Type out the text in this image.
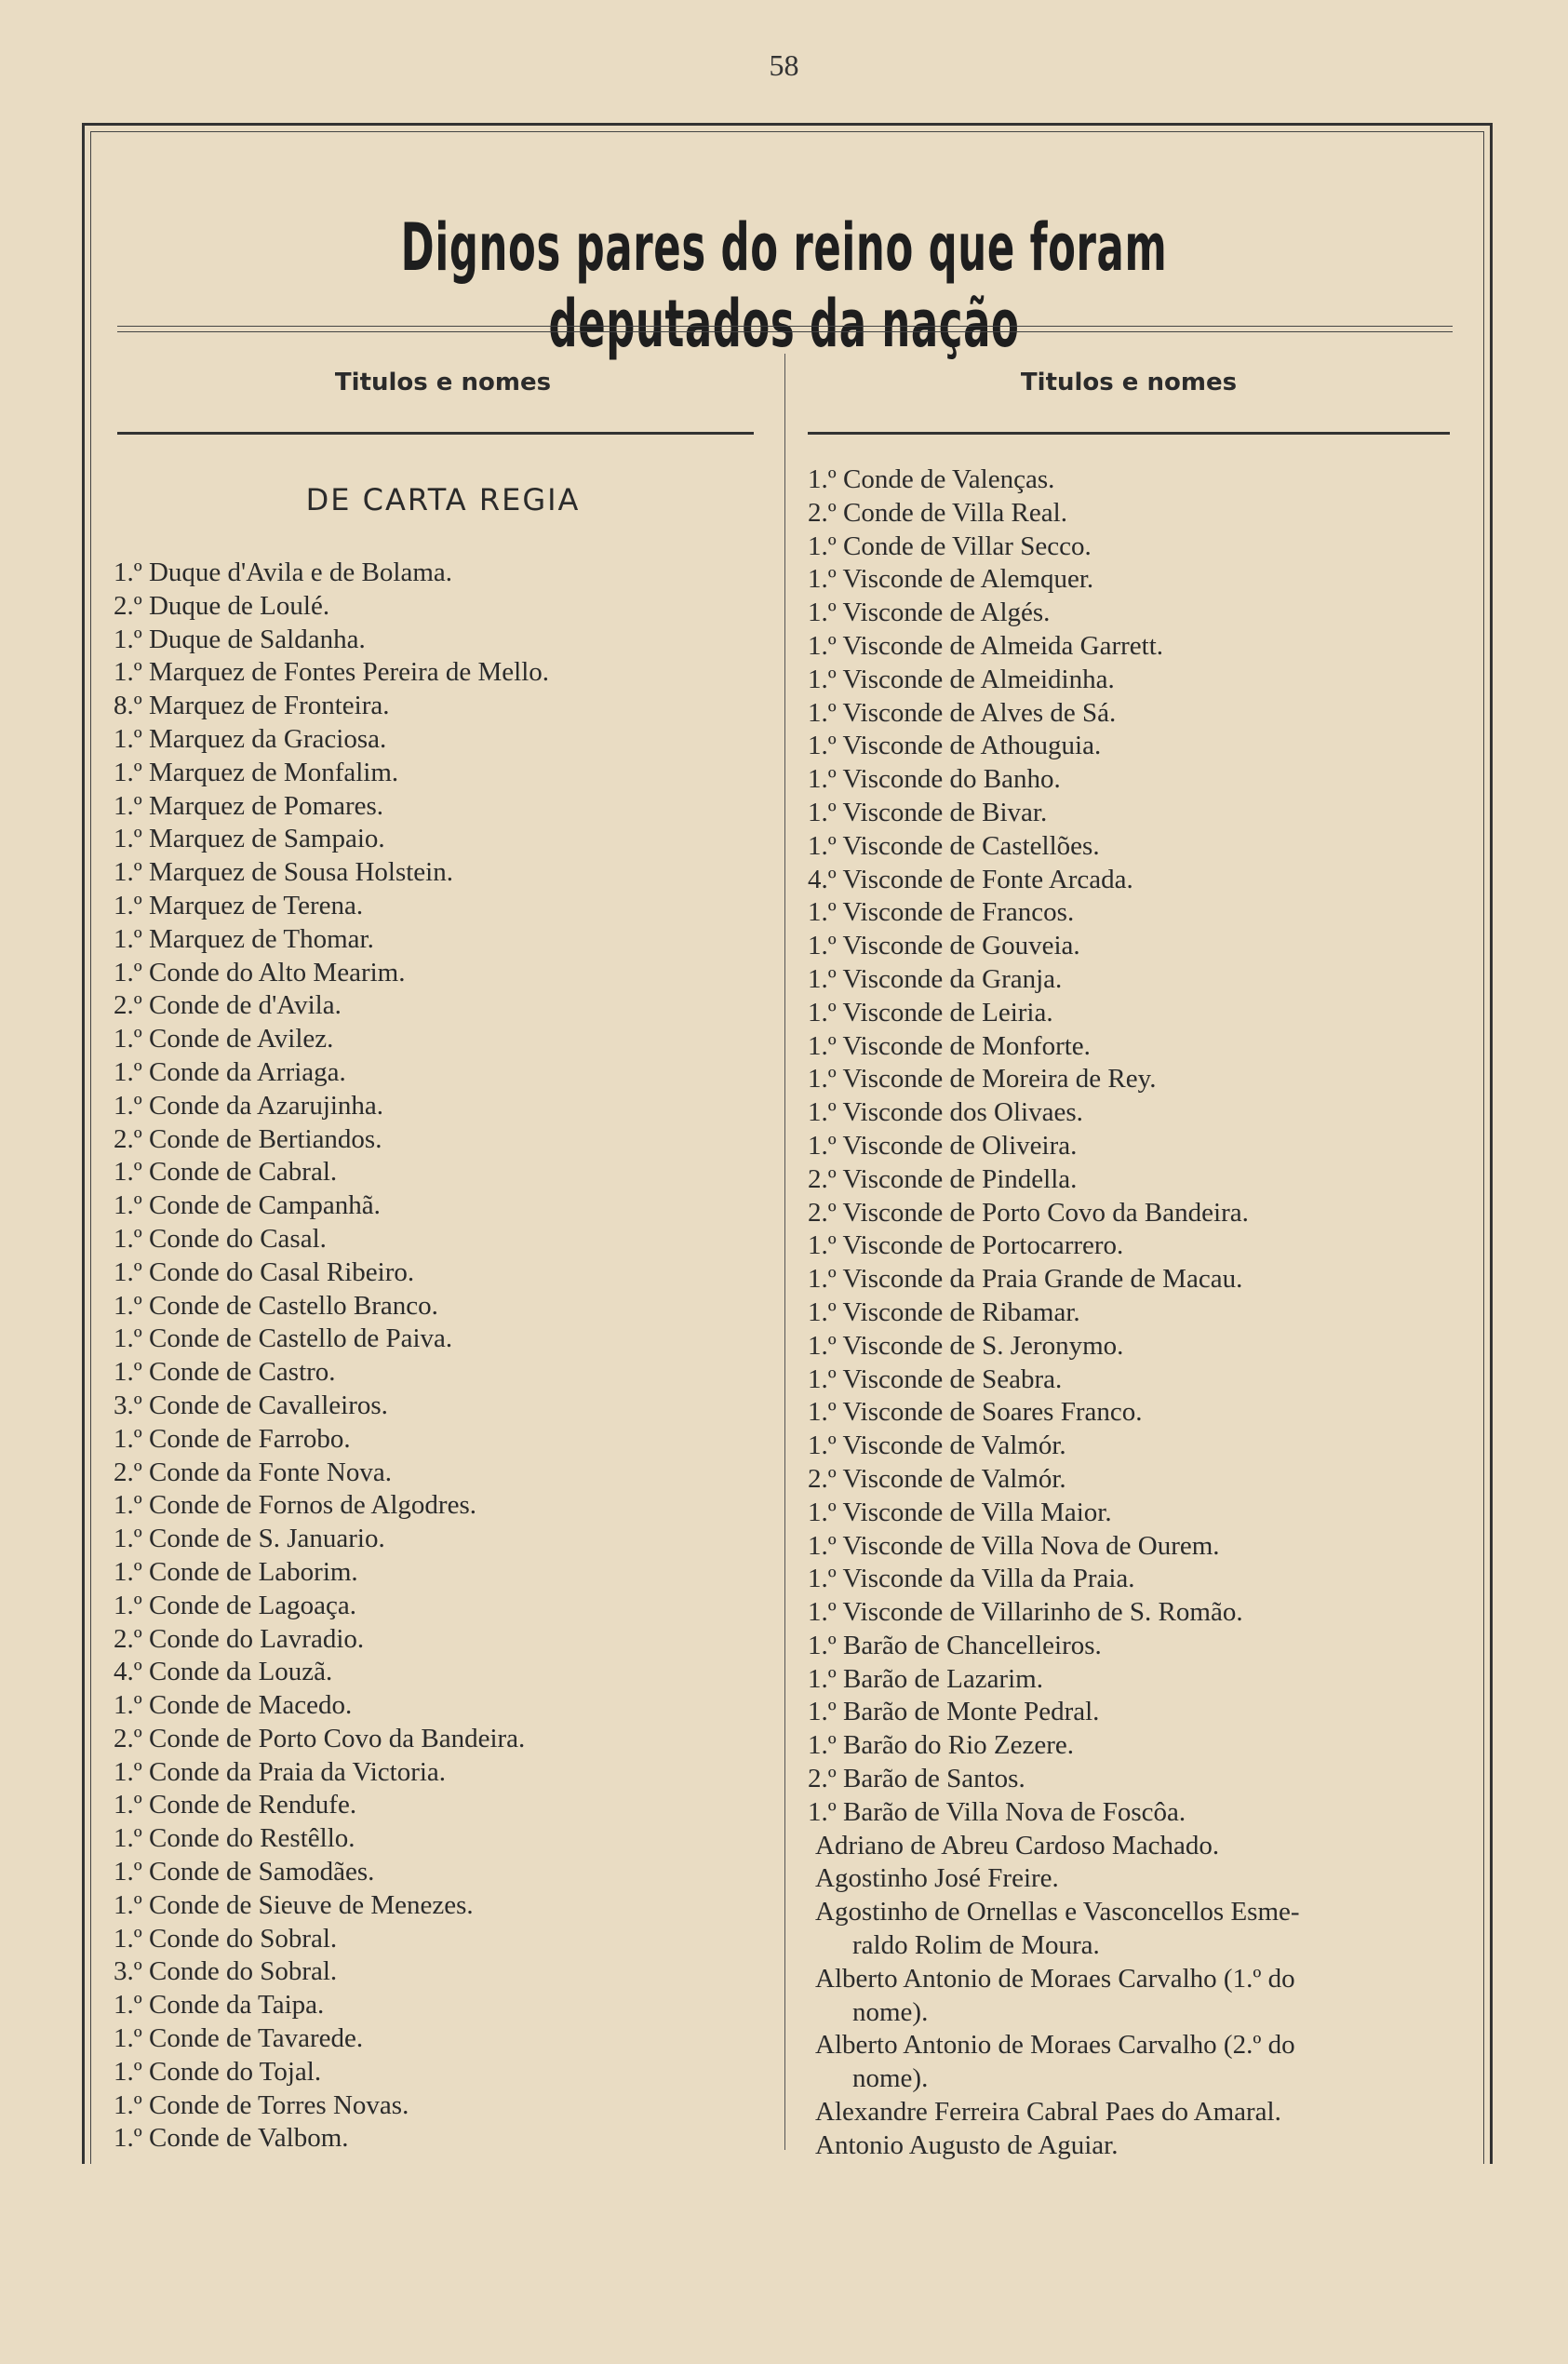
58
Dignos pares do reino que foram deputados da nação
Titulos e nomes	Titulos e nomes
DE CARTA REGIA
1.º Duque d'Avila e de Bolama.
2.º Duque de Loulé.
1.º Duque de Saldanha.
1.º Marquez de Fontes Pereira de Mello.
8.º Marquez de Fronteira.
1.º Marquez da Graciosa.
1.º Marquez de Monfalim.
1.º Marquez de Pomares.
1.º Marquez de Sampaio.
1.º Marquez de Sousa Holstein.
1.º Marquez de Terena.
1.º Marquez de Thomar.
1.º Conde do Alto Mearim.
2.º Conde de d'Avila.
1.º Conde de Avilez.
1.º Conde da Arriaga.
1.º Conde da Azarujinha.
2.º Conde de Bertiandos.
1.º Conde de Cabral.
1.º Conde de Campanhã.
1.º Conde do Casal.
1.º Conde do Casal Ribeiro.
1.º Conde de Castello Branco.
1.º Conde de Castello de Paiva.
1.º Conde de Castro.
3.º Conde de Cavalleiros.
1.º Conde de Farrobo.
2.º Conde da Fonte Nova.
1.º Conde de Fornos de Algodres.
1.º Conde de S. Januario.
1.º Conde de Laborim.
1.º Conde de Lagoaça.
2.º Conde do Lavradio.
4.º Conde da Louzã.
1.º Conde de Macedo.
2.º Conde de Porto Covo da Bandeira.
1.º Conde da Praia da Victoria.
1.º Conde de Rendufe.
1.º Conde do Restêllo.
1.º Conde de Samodães.
1.º Conde de Sieuve de Menezes.
1.º Conde do Sobral.
3.º Conde do Sobral.
1.º Conde da Taipa.
1.º Conde de Tavarede.
1.º Conde do Tojal.
1.º Conde de Torres Novas.
1.º Conde de Valbom.
1.º Conde de Valenças.
2.º Conde de Villa Real.
1.º Conde de Villar Secco.
1.º Visconde de Alemquer.
1.º Visconde de Algés.
1.º Visconde de Almeida Garrett.
1.º Visconde de Almeidinha.
1.º Visconde de Alves de Sá.
1.º Visconde de Athouguia.
1.º Visconde do Banho.
1.º Visconde de Bivar.
1.º Visconde de Castellões.
4.º Visconde de Fonte Arcada.
1.º Visconde de Francos.
1.º Visconde de Gouveia.
1.º Visconde da Granja.
1.º Visconde de Leiria.
1.º Visconde de Monforte.
1.º Visconde de Moreira de Rey.
1.º Visconde dos Olivaes.
1.º Visconde de Oliveira.
2.º Visconde de Pindella.
2.º Visconde de Porto Covo da Bandeira.
1.º Visconde de Portocarrero.
1.º Visconde da Praia Grande de Macau.
1.º Visconde de Ribamar.
1.º Visconde de S. Jeronymo.
1.º Visconde de Seabra.
1.º Visconde de Soares Franco.
1.º Visconde de Valmór.
2.º Visconde de Valmór.
1.º Visconde de Villa Maior.
1.º Visconde de Villa Nova de Ourem.
1.º Visconde da Villa da Praia.
1.º Visconde de Villarinho de S. Romão.
1.º Barão de Chancelleiros.
1.º Barão de Lazarim.
1.º Barão de Monte Pedral.
1.º Barão do Rio Zezere.
2.º Barão de Santos.
1.º Barão de Villa Nova de Foscôa.
Adriano de Abreu Cardoso Machado.
Agostinho José Freire.
Agostinho de Ornellas e Vasconcellos Esme-
raldo Rolim de Moura.
Alberto Antonio de Moraes Carvalho (1.º do
nome).
Alberto Antonio de Moraes Carvalho (2.º do
nome).
Alexandre Ferreira Cabral Paes do Amaral.
Antonio Augusto de Aguiar.
